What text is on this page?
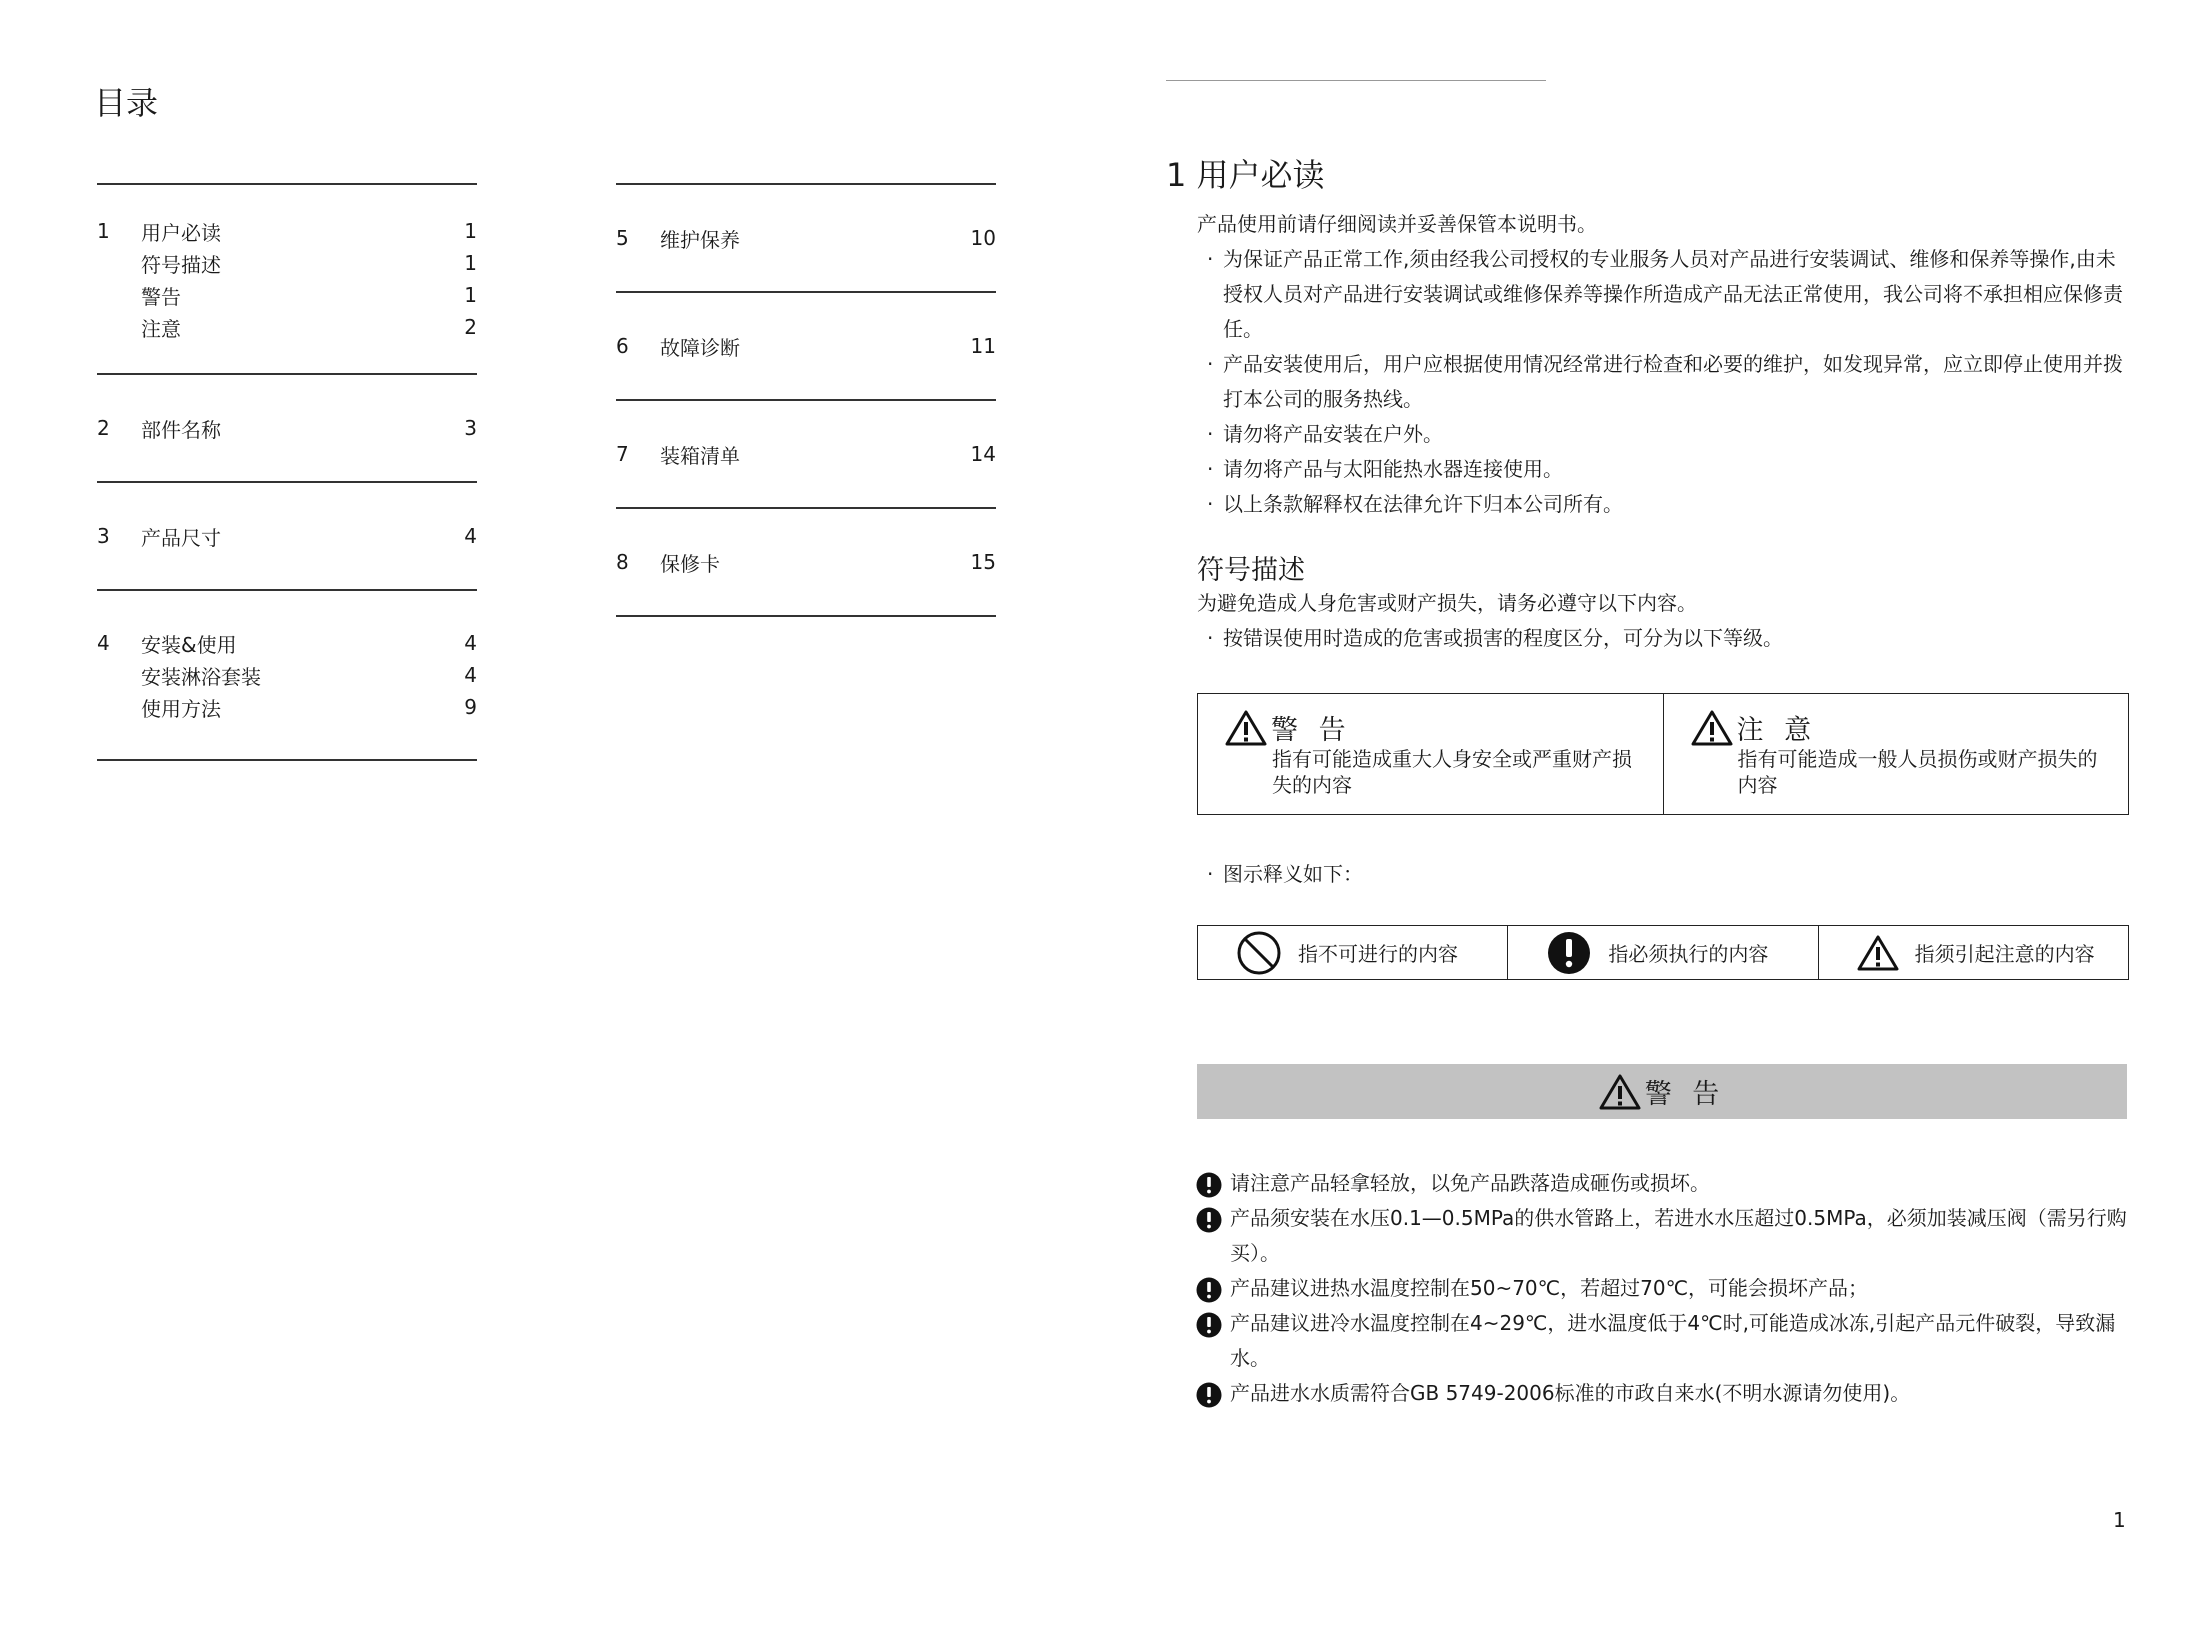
目录
1	用户必读	1
符号描述	1
警告	1
注意	2
2	部件名称	3
3	产品尺寸	4
4	安装&使用	4
安装淋浴套装	4
使用方法	9
5	维护保养	10
6	故障诊断	11
7	装箱清单	14
8	保修卡	15
1 用户必读
产品使用前请仔细阅读并妥善保管本说明书。
· 为保证产品正常工作,须由经我公司授权的专业服务人员对产品进行安装调试、维修和保养等操作,由未授权人员对产品进行安装调试或维修保养等操作所造成产品无法正常使用，我公司将不承担相应保修责任。
· 产品安装使用后，用户应根据使用情况经常进行检查和必要的维护，如发现异常，应立即停止使用并拨打本公司的服务热线。
· 请勿将产品安装在户外。
· 请勿将产品与太阳能热水器连接使用。
· 以上条款解释权在法律允许下归本公司所有。
符号描述
为避免造成人身危害或财产损失，请务必遵守以下内容。
· 按错误使用时造成的危害或损害的程度区分，可分为以下等级。
警 告
指有可能造成重大人身安全或严重财产损失的内容
注 意
指有可能造成一般人员损伤或财产损失的内容
· 图示释义如下：
指不可进行的内容	指必须执行的内容	指须引起注意的内容
警 告
请注意产品轻拿轻放，以免产品跌落造成砸伤或损坏。
产品须安装在水压0.1—0.5MPa的供水管路上，若进水水压超过0.5MPa，必须加装减压阀（需另行购买）。
产品建议进热水温度控制在50~70℃，若超过70℃，可能会损坏产品；
产品建议进冷水温度控制在4~29℃，进水温度低于4℃时,可能造成冰冻,引起产品元件破裂，导致漏水。
产品进水水质需符合GB 5749-2006标准的市政自来水(不明水源请勿使用)。
1
